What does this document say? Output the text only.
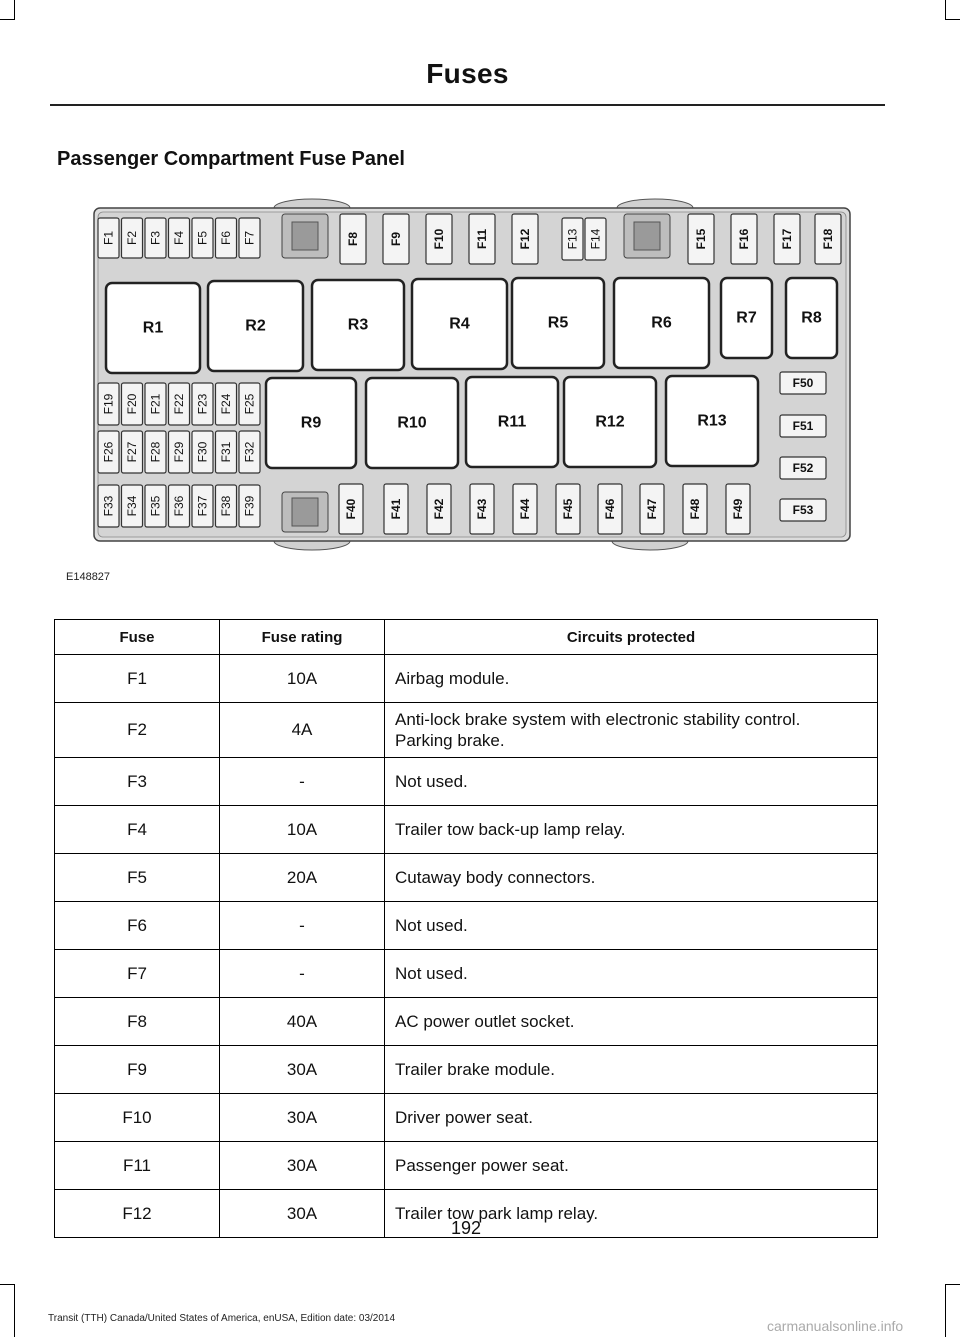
Fuses
Passenger Compartment Fuse Panel
F1 F2 F3 F4 F5 F6 F7	F8 F9 F10 F11 F12	F13 F14	F15 F16 F17 F18
R1	R2	R3	R4	R5	R6	R7	R8
R9	R10	R11	R12	R13
F19 F20 F21 F22 F23 F24 F25
F26 F27 F28 F29 F30 F31 F32
F33 F34 F35 F36 F37 F38 F39	F40	F41 F42 F43 F44 F45 F46 F47 F48 F49
F50
F51
F52
F53
E148827
Fuse	Fuse rating	Circuits protected
F1	10A	Airbag module.

F2	4A	Anti-lock brake system with electronic stability control.
Parking brake.

F3	-	Not used.

F4	10A	Trailer tow back-up lamp relay.

F5	20A	Cutaway body connectors.

F6	-	Not used.

F7	-	Not used.

F8	40A	AC power outlet socket.

F9	30A	Trailer brake module.

F10	30A	Driver power seat.

F11	30A	Passenger power seat.

F12	30A	Trailer tow park lamp relay.
192
Transit (TTH) Canada/United States of America, enUSA, Edition date: 03/2014	carmanualsonline.info
